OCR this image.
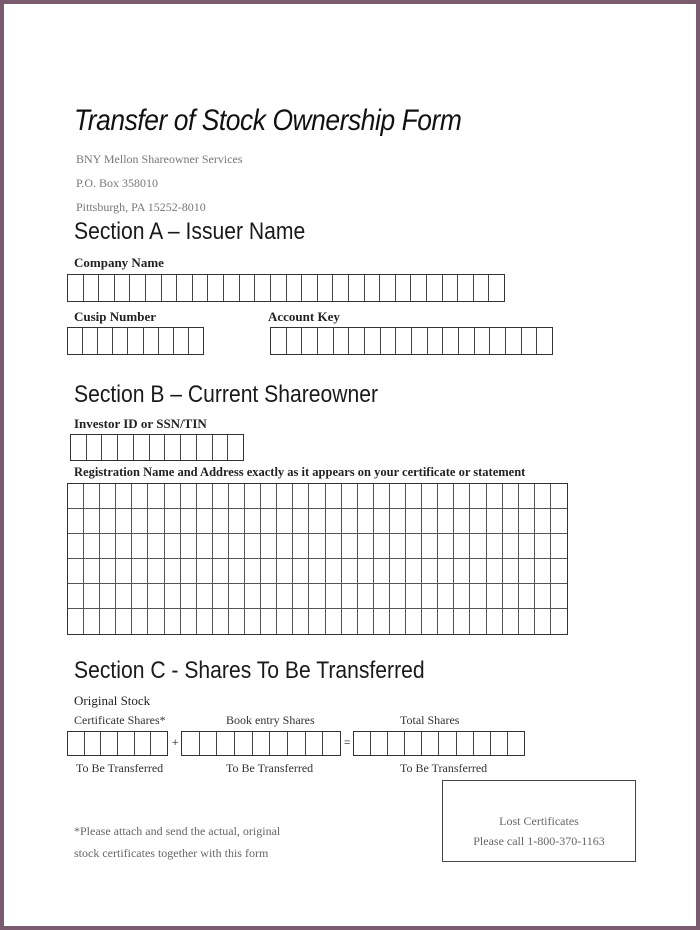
Transfer of Stock Ownership Form
BNY Mellon Shareowner Services
P.O. Box 358010
Pittsburgh, PA 15252-8010
Section A – Issuer Name
Company Name
Cusip Number	Account Key
Section B – Current Shareowner
Investor ID or SSN/TIN
Registration Name and Address exactly as it appears on your certificate or statement
Section C - Shares To Be Transferred
Original Stock
Certificate Shares*	Book entry Shares	Total Shares
+	=
To Be Transferred	To Be Transferred	To Be Transferred
*Please attach and send the actual, original
stock certificates together with this form
Lost Certificates
Please call 1-800-370-1163
